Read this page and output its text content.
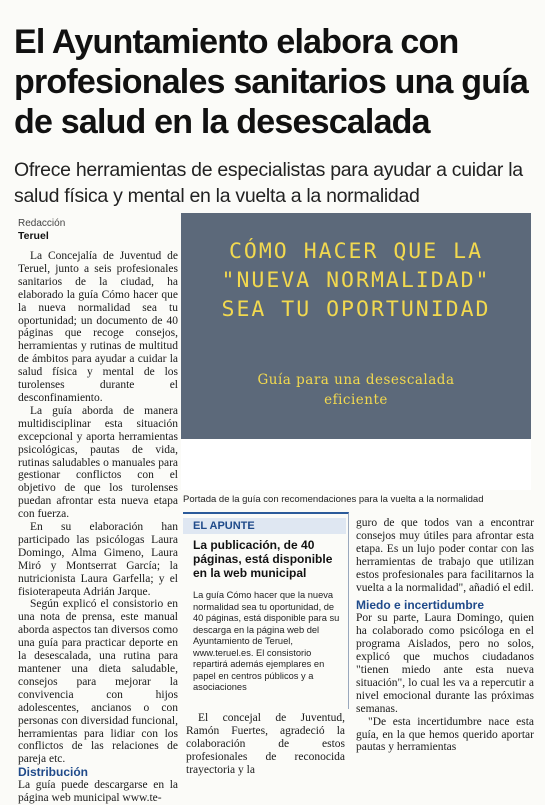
El Ayuntamiento elabora con profesionales sanitarios una guía de salud en la desescalada

Ofrece herramientas de especialistas para ayudar a cuidar la salud física y mental en la vuelta a la normalidad

Redacción
Teruel

La Concejalía de Juventud de Teruel, junto a seis profesionales sanitarios de la ciudad, ha elaborado la guía Cómo hacer que la nueva normalidad sea tu oportunidad; un documento de 40 páginas que recoge consejos, herramientas y rutinas de multitud de ámbitos para ayudar a cuidar la salud física y mental de los turolenses durante el desconfinamiento.

La guía aborda de manera multidisciplinar esta situación excepcional y aporta herramientas psicológicas, pautas de vida, rutinas saludables o manuales para gestionar conflictos con el objetivo de que los turolenses puedan afrontar esta nueva etapa con fuerza.

En su elaboración han participado las psicólogas Laura Domingo, Alma Gimeno, Laura Miró y Montserrat García; la nutricionista Laura Garfella; y el fisioterapeuta Adrián Jarque.

Según explicó el consistorio en una nota de prensa, este manual aborda aspectos tan diversos como una guía para practicar deporte en la desescalada, una rutina para mantener una dieta saludable, consejos para mejorar la convivencia con hijos adolescentes, ancianos o con personas con diversidad funcional, herramientas para lidiar con los conflictos de las relaciones de pareja etc.

Distribución

La guía puede descargarse en la página web municipal www.te-

CÓMO HACER QUE LA
"NUEVA NORMALIDAD"
SEA TU OPORTUNIDAD
Guía para una desescalada
eficiente
Portada de la guía con recomendaciones para la vuelta a la normalidad
EL APUNTE
La publicación, de 40 páginas, está disponible en la web municipal

La guía Cómo hacer que la nueva normalidad sea tu oportunidad, de 40 páginas, está disponible para su descarga en la página web del Ayuntamiento de Teruel, www.teruel.es. El consistorio repartirá además ejemplares en papel en centros públicos y a asociaciones

El concejal de Juventud, Ramón Fuertes, agradeció la colaboración de estos profesionales de reconocida trayectoria y la

guro de que todos van a encontrar consejos muy útiles para afrontar esta etapa. Es un lujo poder contar con las herramientas de trabajo que utilizan estos profesionales para facilitarnos la vuelta a la normalidad", añadió el edil.

Miedo e incertidumbre

Por su parte, Laura Domingo, quien ha colaborado como psicóloga en el programa Aislados, pero no solos, explicó que muchos ciudadanos "tienen miedo ante esta nueva situación", lo cual les va a repercutir a nivel emocional durante las próximas semanas.

"De esta incertidumbre nace esta guía, en la que hemos querido aportar pautas y herramientas
